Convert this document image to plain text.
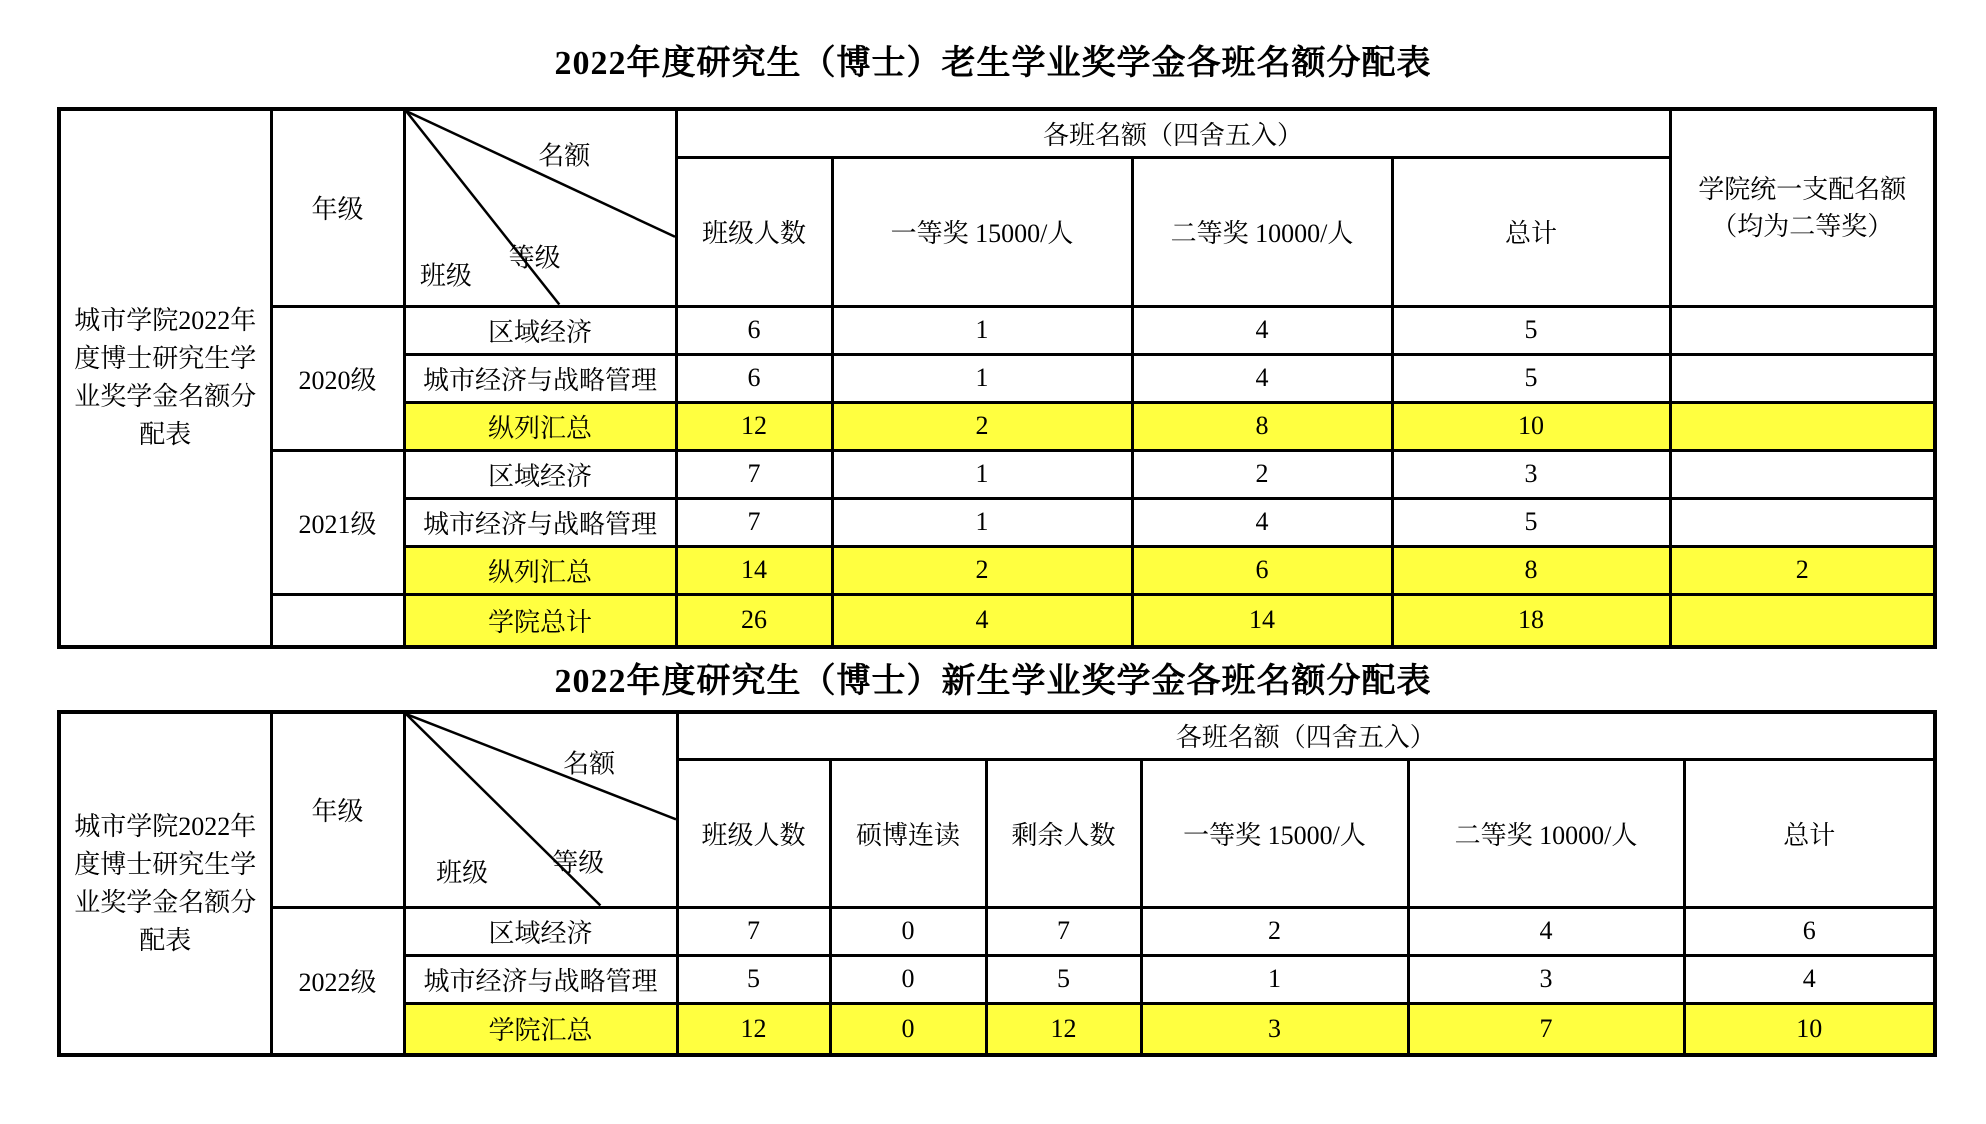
2022年度研究生（博士）老生学业奖学金各班名额分配表
城市学院2022年度博士研究生学业奖学金名额分配表	年级	名额
等级
班级	各班名额（四舍五入）				学院统一支配名额（均为二等奖）

			班级人数	一等奖 15000/人	二等奖 10000/人	总计	
	2020级	区域经济	6	1	4	5	
		城市经济与战略管理	6	1	4	5	
		纵列汇总	12	2	8	10	
	2021级	区域经济	7	1	2	3	
		城市经济与战略管理	7	1	4	5	
		纵列汇总	14	2	6	8	2
		学院总计	26	4	14	18	
2022年度研究生（博士）新生学业奖学金各班名额分配表
城市学院2022年度博士研究生学业奖学金名额分配表	年级	名额
等级
班级	各班名额（四舍五入）					
			班级人数	硕博连读	剩余人数	一等奖 15000/人	二等奖 10000/人	总计
	2022级	区域经济	7	0	7	2	4	6
		城市经济与战略管理	5	0	5	1	3	4
		学院汇总	12	0	12	3	7	10
